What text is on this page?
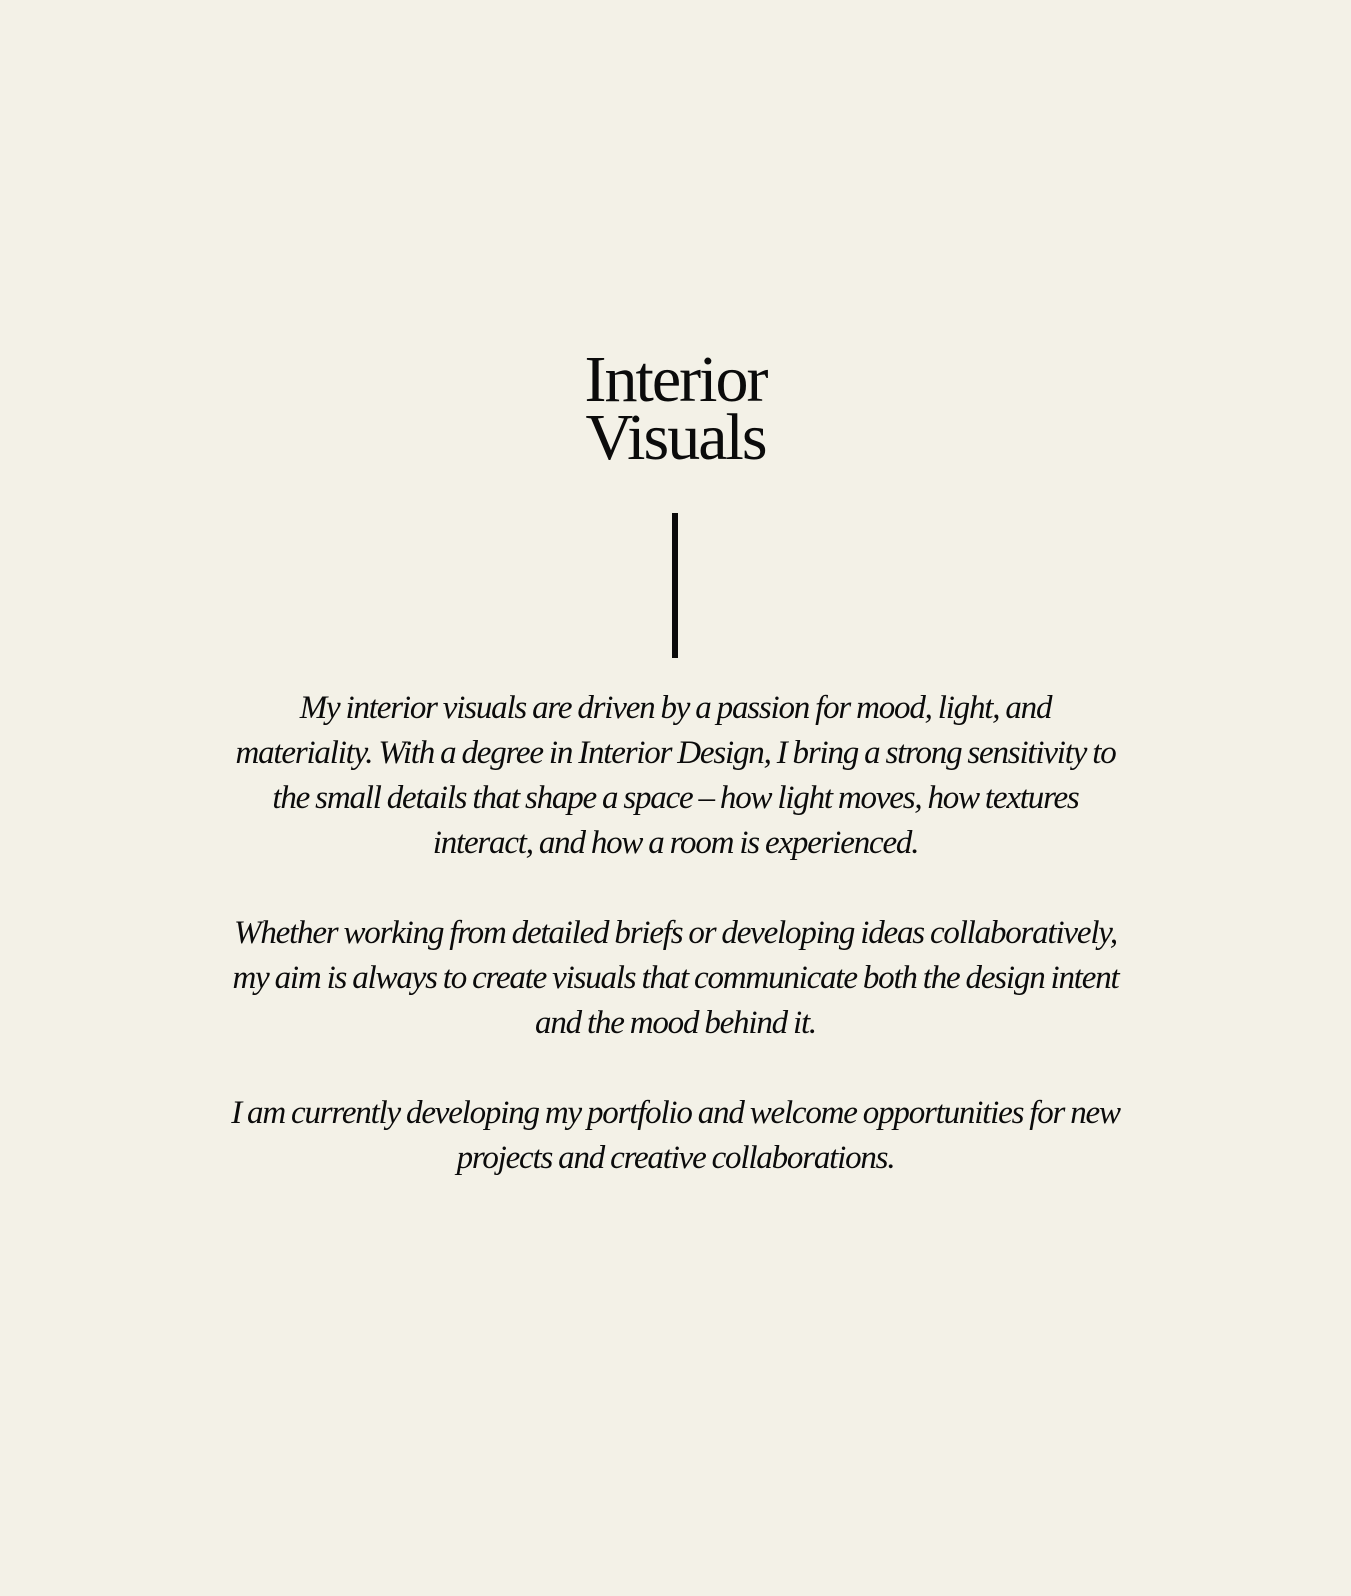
Interior
Visuals

My interior visuals are driven by a passion for mood, light, and materiality. With a degree in Interior Design, I bring a strong sensitivity to the small details that shape a space – how light moves, how textures interact, and how a room is experienced.

Whether working from detailed briefs or developing ideas collaboratively, my aim is always to create visuals that communicate both the design intent and the mood behind it.

I am currently developing my portfolio and welcome opportunities for new projects and creative collaborations.
